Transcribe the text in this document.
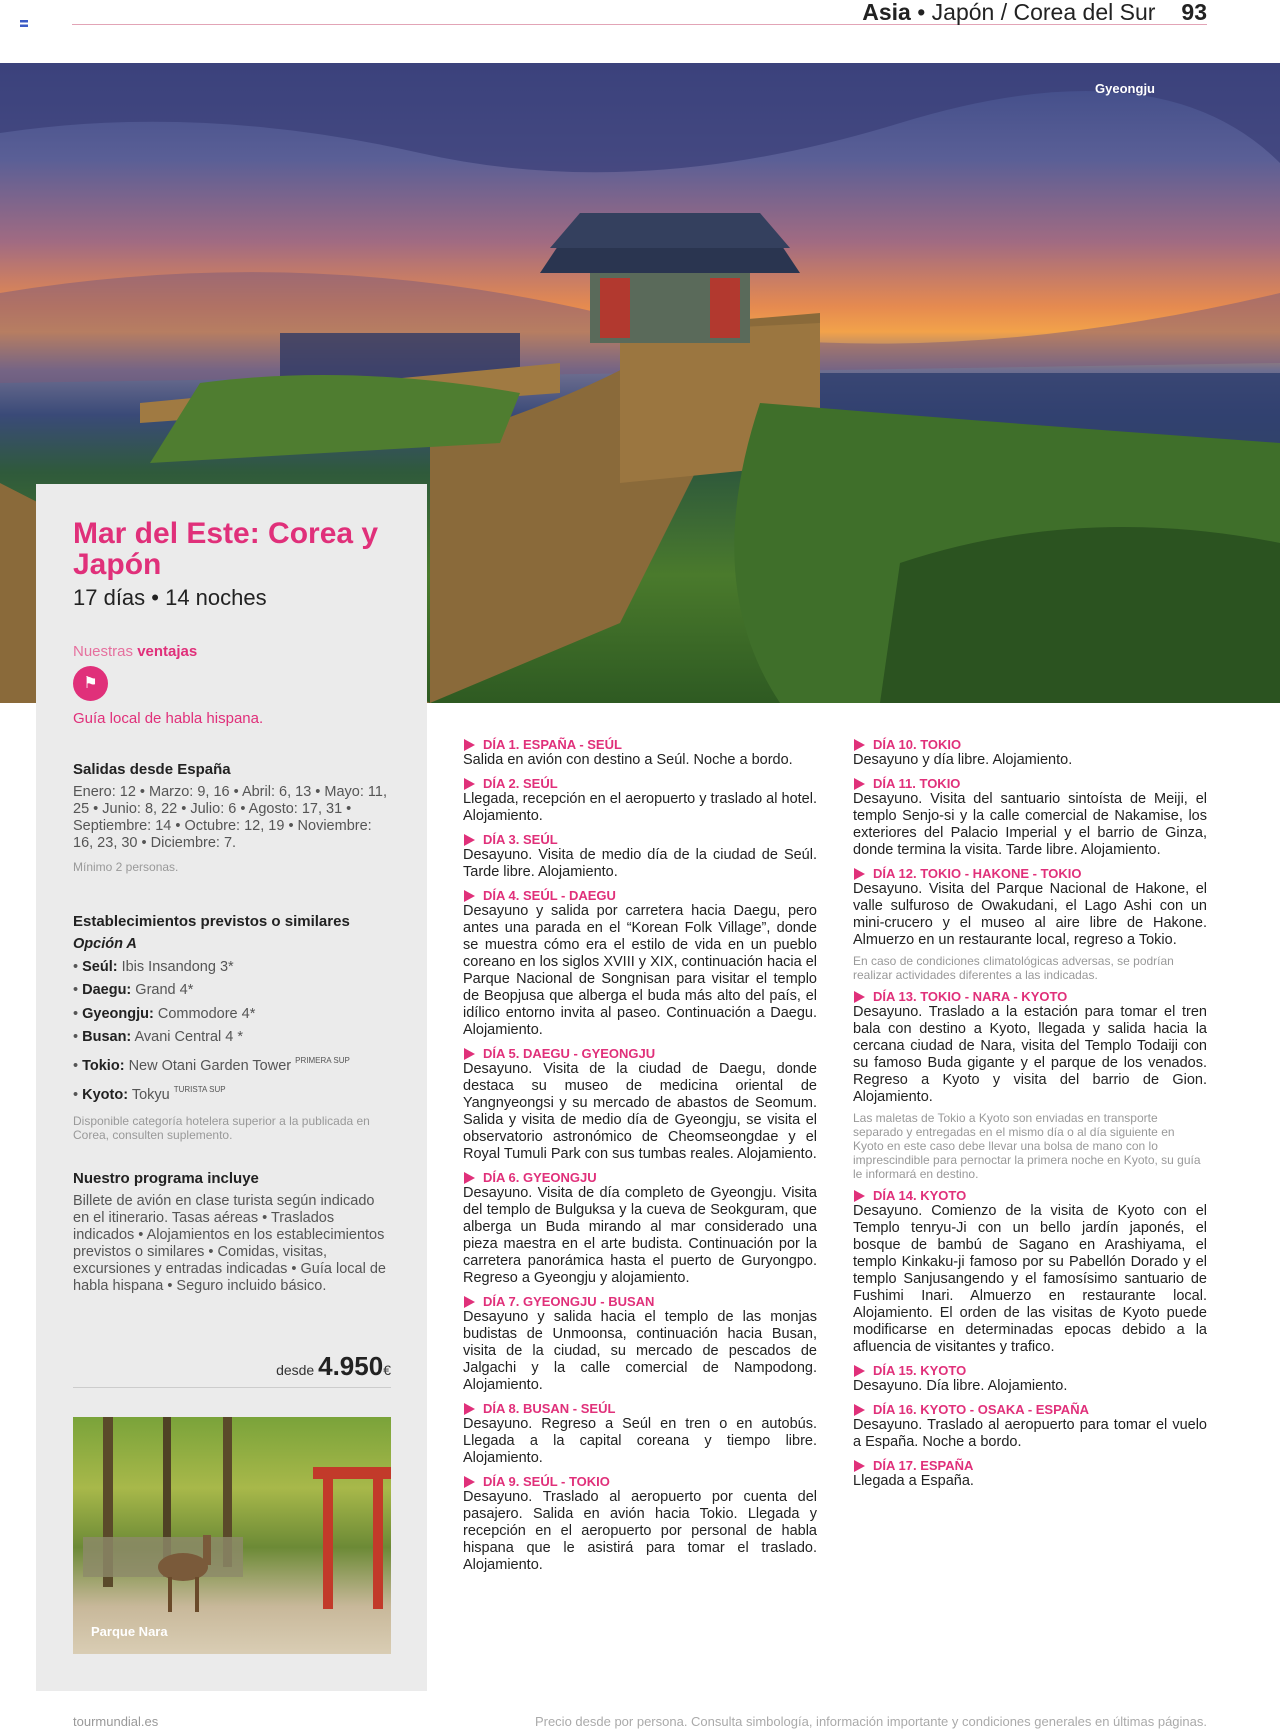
Asia • Japón / Corea del Sur 93
Gyeongju
Mar del Este: Corea y Japón
17 días • 14 noches
Nuestras ventajas
⚑
Guía local de habla hispana.
Salidas desde España

Enero: 12 • Marzo: 9, 16 • Abril: 6, 13 • Mayo: 11, 25 • Junio: 8, 22 • Julio: 6 • Agosto: 17, 31 • Septiembre: 14 • Octubre: 12, 19 • Noviembre: 16, 23, 30 • Diciembre: 7.

Mínimo 2 personas.

Establecimientos previstos o similares
Opción A
• Seúl: Ibis Insandong 3*
• Daegu: Grand 4*
• Gyeongju: Commodore 4*
• Busan: Avani Central 4 *
• Tokio: New Otani Garden Tower $^{PRIMERA SUP}$
• Kyoto: Tokyu $^{TURISTA SUP}$

Disponible categoría hotelera superior a la publicada en Corea, consulten suplemento.

Nuestro programa incluye

Billete de avión en clase turista según indicado en el itinerario. Tasas aéreas • Traslados indicados • Alojamientos en los establecimientos previstos o similares • Comidas, visitas, excursiones y entradas indicadas • Guía local de habla hispana • Seguro incluido básico.

desde 4.950€
Parque Nara
DÍA 1. ESPAÑA - SEÚL
Salida en avión con destino a Seúl. Noche a bordo.
DÍA 2. SEÚL
Llegada, recepción en el aeropuerto y traslado al hotel. Alojamiento.
DÍA 3. SEÚL
Desayuno. Visita de medio día de la ciudad de Seúl. Tarde libre. Alojamiento.
DÍA 4. SEÚL - DAEGU
Desayuno y salida por carretera hacia Daegu, pero antes una parada en el “Korean Folk Village”, donde se muestra cómo era el estilo de vida en un pueblo coreano en los siglos XVIII y XIX, continuación hacia el Parque Nacional de Songnisan para visitar el templo de Beopjusa que alberga el buda más alto del país, el idílico entorno invita al paseo. Continuación a Daegu. Alojamiento.
DÍA 5. DAEGU - GYEONGJU
Desayuno. Visita de la ciudad de Daegu, donde destaca su museo de medicina oriental de Yangnyeongsi y su mercado de abastos de Seomum. Salida y visita de medio día de Gyeongju, se visita el observatorio astronómico de Cheomseongdae y el Royal Tumuli Park con sus tumbas reales. Alojamiento.
DÍA 6. GYEONGJU
Desayuno. Visita de día completo de Gyeongju. Visita del templo de Bulguksa y la cueva de Seokguram, que alberga un Buda mirando al mar considerado una pieza maestra en el arte budista. Continuación por la carretera panorámica hasta el puerto de Guryongpo. Regreso a Gyeongju y alojamiento.
DÍA 7. GYEONGJU - BUSAN
Desayuno y salida hacia el templo de las monjas budistas de Unmoonsa, continuación hacia Busan, visita de la ciudad, su mercado de pescados de Jalgachi y la calle comercial de Nampodong. Alojamiento.
DÍA 8. BUSAN - SEÚL
Desayuno. Regreso a Seúl en tren o en autobús. Llegada a la capital coreana y tiempo libre. Alojamiento.
DÍA 9. SEÚL - TOKIO
Desayuno. Traslado al aeropuerto por cuenta del pasajero. Salida en avión hacia Tokio. Llegada y recepción en el aeropuerto por personal de habla hispana que le asistirá para tomar el traslado. Alojamiento.
DÍA 10. TOKIO
Desayuno y día libre. Alojamiento.
DÍA 11. TOKIO
Desayuno. Visita del santuario sintoísta de Meiji, el templo Senjo-si y la calle comercial de Nakamise, los exteriores del Palacio Imperial y el barrio de Ginza, donde termina la visita. Tarde libre. Alojamiento.
DÍA 12. TOKIO - HAKONE - TOKIO
Desayuno. Visita del Parque Nacional de Hakone, el valle sulfuroso de Owakudani, el Lago Ashi con un mini-crucero y el museo al aire libre de Hakone. Almuerzo en un restaurante local, regreso a Tokio.
En caso de condiciones climatológicas adversas, se podrían realizar actividades diferentes a las indicadas.
DÍA 13. TOKIO - NARA - KYOTO
Desayuno. Traslado a la estación para tomar el tren bala con destino a Kyoto, llegada y salida hacia la cercana ciudad de Nara, visita del Templo Todaiji con su famoso Buda gigante y el parque de los venados. Regreso a Kyoto y visita del barrio de Gion. Alojamiento.
Las maletas de Tokio a Kyoto son enviadas en transporte separado y entregadas en el mismo día o al día siguiente en Kyoto en este caso debe llevar una bolsa de mano con lo imprescindible para pernoctar la primera noche en Kyoto, su guía le informará en destino.
DÍA 14. KYOTO
Desayuno. Comienzo de la visita de Kyoto con el Templo tenryu-Ji con un bello jardín japonés, el bosque de bambú de Sagano en Arashiyama, el templo Kinkaku-ji famoso por su Pabellón Dorado y el templo Sanjusangendo y el famosísimo santuario de Fushimi Inari. Almuerzo en restaurante local. Alojamiento. El orden de las visitas de Kyoto puede modificarse en determinadas epocas debido a la afluencia de visitantes y trafico.
DÍA 15. KYOTO
Desayuno. Día libre. Alojamiento.
DÍA 16. KYOTO - OSAKA - ESPAÑA
Desayuno. Traslado al aeropuerto para tomar el vuelo a España. Noche a bordo.
DÍA 17. ESPAÑA
Llegada a España.
tourmundial.es	Precio desde por persona. Consulta simbología, información importante y condiciones generales en últimas páginas.
